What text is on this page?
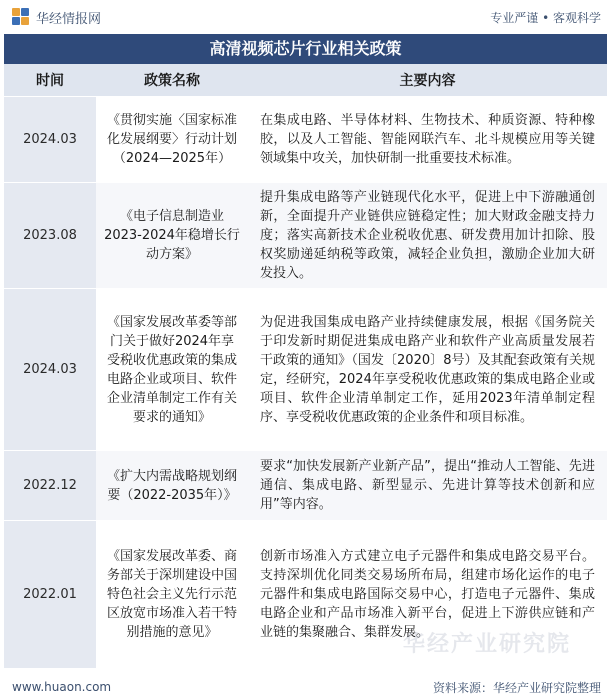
华经情报网	专业严谨 • 客观科学
高清视频芯片行业相关政策
时间	政策名称	主要内容
2024.03	《贯彻实施〈国家标准化发展纲要〉行动计划（2024—2025年）	在集成电路、半导体材料、生物技术、种质资源、特种橡胶，以及人工智能、智能网联汽车、北斗规模应用等关键领域集中攻关，加快研制一批重要技术标准。
2023.08	《电子信息制造业2023-2024年稳增长行动方案》	提升集成电路等产业链现代化水平，促进上中下游融通创新，全面提升产业链供应链稳定性；加大财政金融支持力度；落实高新技术企业税收优惠、研发费用加计扣除、股权奖励递延纳税等政策，减轻企业负担，激励企业加大研发投入。
2024.03	《国家发展改革委等部门关于做好2024年享受税收优惠政策的集成电路企业或项目、软件企业清单制定工作有关要求的通知》	为促进我国集成电路产业持续健康发展，根据《国务院关于印发新时期促进集成电路产业和软件产业高质量发展若干政策的通知》（国发〔2020〕8号）及其配套政策有关规定，经研究，2024年享受税收优惠政策的集成电路企业或项目、软件企业清单制定工作，延用2023年清单制定程序、享受税收优惠政策的企业条件和项目标准。
2022.12	《扩大内需战略规划纲要（2022-2035年）》	要求“加快发展新产业新产品”，提出“推动人工智能、先进通信、集成电路、新型显示、先进计算等技术创新和应用”等内容。
2022.01	《国家发展改革委、商务部关于深圳建设中国特色社会主义先行示范区放宽市场准入若干特别措施的意见》	创新市场准入方式建立电子元器件和集成电路交易平台。支持深圳优化同类交易场所布局，组建市场化运作的电子元器件和集成电路国际交易中心，打造电子元器件、集成电路企业和产品市场准入新平台，促进上下游供应链和产业链的集聚融合、集群发展。
华经产业研究院
www.huaon.com	资料来源：华经产业研究院整理
